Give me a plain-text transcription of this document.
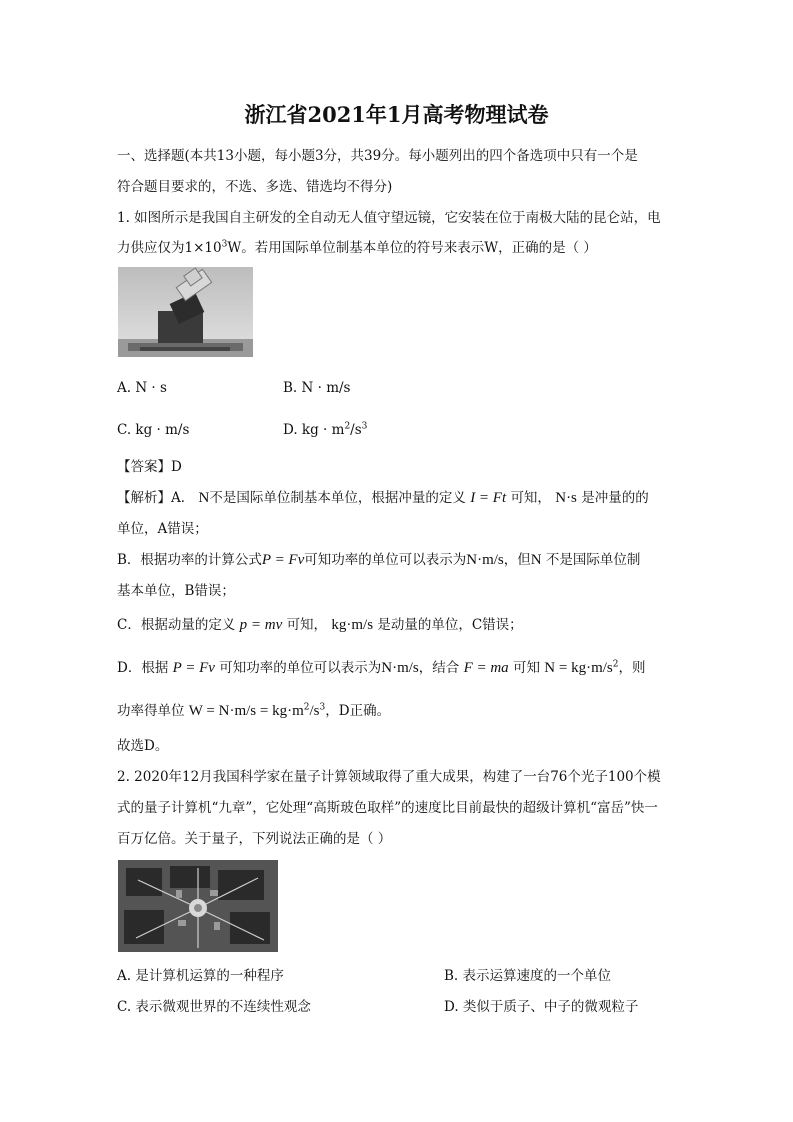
浙江省2021年1月高考物理试卷
一、选择题(本共13小题，每小题3分，共39分。每小题列出的四个备选项中只有一个是
符合题目要求的，不选、多选、错选均不得分)
1. 如图所示是我国自主研发的全自动无人值守望远镜，它安装在位于南极大陆的昆仑站，电
力供应仅为$1\times 10^3W$。若用国际单位制基本单位的符号来表示W，正确的是（ ）
A. N · s	B. N · m/s
C. kg · m/s	D. kg · $m^2/s^3$
【答案】D
【解析】A． N不是国际单位制基本单位，根据冲量的定义 I = Ft 可知， N·s 是冲量的的
单位，A错误；
B．根据功率的计算公式P = Fv可知功率的单位可以表示为N·m/s，但N 不是国际单位制
基本单位，B错误；
C．根据动量的定义 p = mv 可知， kg·m/s 是动量的单位，C错误；
D．根据 P = Fv 可知功率的单位可以表示为N·m/s，结合 F = ma 可知 $N = kg\cdot m/s^2$，则
功率得单位 $W = N\cdot m/s = kg\cdot m^2/s^3$，D正确。
故选D。
2. 2020年12月我国科学家在量子计算领域取得了重大成果，构建了一台76个光子100个模
式的量子计算机“九章”，它处理“高斯玻色取样”的速度比目前最快的超级计算机“富岳”快一
百万亿倍。关于量子，下列说法正确的是（ ）
A. 是计算机运算的一种程序	B. 表示运算速度的一个单位
C. 表示微观世界的不连续性观念	D. 类似于质子、中子的微观粒子
